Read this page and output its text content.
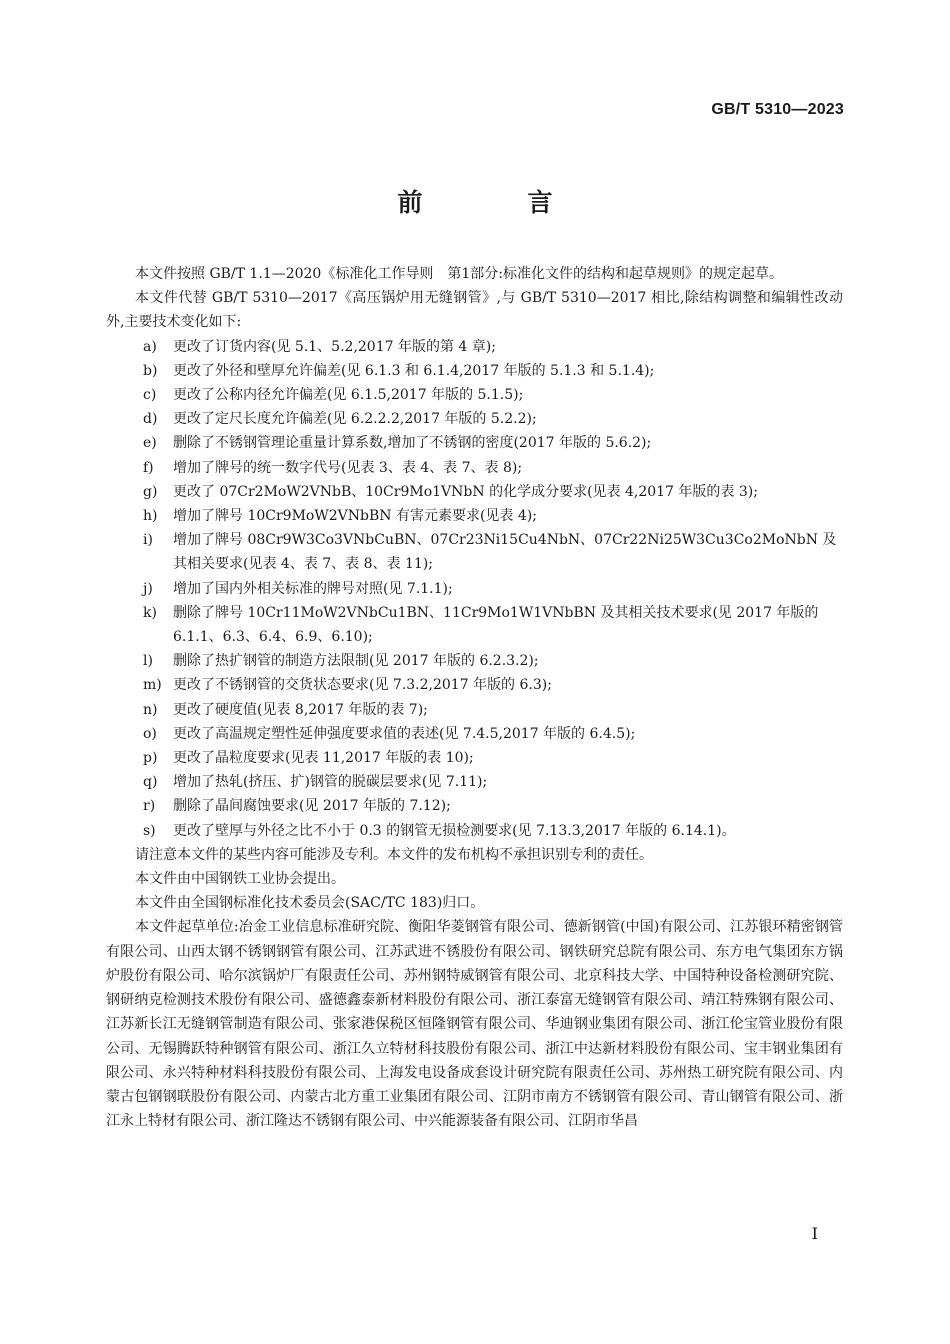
GB/T 5310—2023
前　言

本文件按照 GB/T 1.1—2020《标准化工作导则　第1部分:标准化文件的结构和起草规则》的规定起草。

本文件代替 GB/T 5310—2017《高压锅炉用无缝钢管》,与 GB/T 5310—2017 相比,除结构调整和编辑性改动外,主要技术变化如下:

a) 更改了订货内容(见 5.1、5.2,2017 年版的第 4 章);
b) 更改了外径和壁厚允许偏差(见 6.1.3 和 6.1.4,2017 年版的 5.1.3 和 5.1.4);
c) 更改了公称内径允许偏差(见 6.1.5,2017 年版的 5.1.5);
d) 更改了定尺长度允许偏差(见 6.2.2.2,2017 年版的 5.2.2);
e) 删除了不锈钢管理论重量计算系数,增加了不锈钢的密度(2017 年版的 5.6.2);
f) 增加了牌号的统一数字代号(见表 3、表 4、表 7、表 8);
g) 更改了 07Cr2MoW2VNbB、10Cr9Mo1VNbN 的化学成分要求(见表 4,2017 年版的表 3);
h) 增加了牌号 10Cr9MoW2VNbBN 有害元素要求(见表 4);
i) 增加了牌号 08Cr9W3Co3VNbCuBN、07Cr23Ni15Cu4NbN、07Cr22Ni25W3Cu3Co2MoNbN 及其相关要求(见表 4、表 7、表 8、表 11);
j) 增加了国内外相关标准的牌号对照(见 7.1.1);
k) 删除了牌号 10Cr11MoW2VNbCu1BN、11Cr9Mo1W1VNbBN 及其相关技术要求(见 2017 年版的 6.1.1、6.3、6.4、6.9、6.10);
l) 删除了热扩钢管的制造方法限制(见 2017 年版的 6.2.3.2);
m) 更改了不锈钢管的交货状态要求(见 7.3.2,2017 年版的 6.3);
n) 更改了硬度值(见表 8,2017 年版的表 7);
o) 更改了高温规定塑性延伸强度要求值的表述(见 7.4.5,2017 年版的 6.4.5);
p) 更改了晶粒度要求(见表 11,2017 年版的表 10);
q) 增加了热轧(挤压、扩)钢管的脱碳层要求(见 7.11);
r) 删除了晶间腐蚀要求(见 2017 年版的 7.12);
s) 更改了壁厚与外径之比不小于 0.3 的钢管无损检测要求(见 7.13.3,2017 年版的 6.14.1)。

请注意本文件的某些内容可能涉及专利。本文件的发布机构不承担识别专利的责任。

本文件由中国钢铁工业协会提出。

本文件由全国钢标准化技术委员会(SAC/TC 183)归口。

本文件起草单位:冶金工业信息标准研究院、衡阳华菱钢管有限公司、德新钢管(中国)有限公司、江苏银环精密钢管有限公司、山西太钢不锈钢钢管有限公司、江苏武进不锈股份有限公司、钢铁研究总院有限公司、东方电气集团东方锅炉股份有限公司、哈尔滨锅炉厂有限责任公司、苏州钢特威钢管有限公司、北京科技大学、中国特种设备检测研究院、钢研纳克检测技术股份有限公司、盛德鑫泰新材料股份有限公司、浙江泰富无缝钢管有限公司、靖江特殊钢有限公司、江苏新长江无缝钢管制造有限公司、张家港保税区恒隆钢管有限公司、华迪钢业集团有限公司、浙江伦宝管业股份有限公司、无锡腾跃特种钢管有限公司、浙江久立特材科技股份有限公司、浙江中达新材料股份有限公司、宝丰钢业集团有限公司、永兴特种材料科技股份有限公司、上海发电设备成套设计研究院有限责任公司、苏州热工研究院有限公司、内蒙古包钢钢联股份有限公司、内蒙古北方重工业集团有限公司、江阴市南方不锈钢管有限公司、青山钢管有限公司、浙江永上特材有限公司、浙江隆达不锈钢有限公司、中兴能源装备有限公司、江阴市华昌

I
